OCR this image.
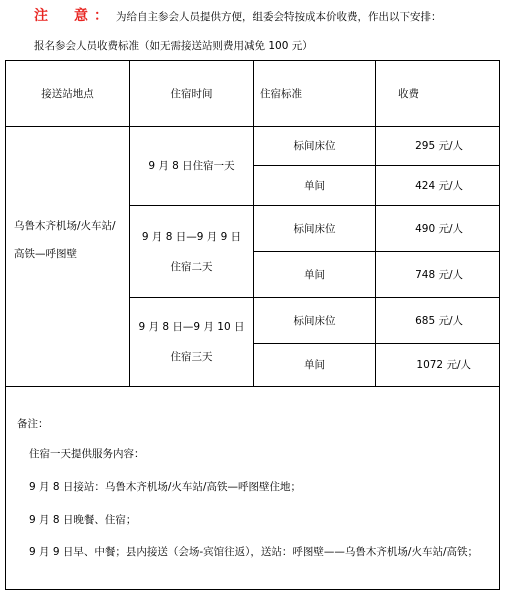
注　意： 为给自主参会人员提供方便，组委会特按成本价收费，作出以下安排：
报名参会人员收费标准（如无需接送站则费用减免 100 元）
接送站地点	住宿时间	住宿标准	收费
乌鲁木齐机场/火车站/
高铁—呼图壁
9 月 8 日住宿一天
标间床位	295 元/人
单间	424 元/人
9 月 8 日—9 月 9 日
住宿二天
标间床位	490 元/人
单间	748 元/人
9 月 8 日—9 月 10 日
住宿三天
标间床位	685 元/人
单间	1072 元/人
备注：
住宿一天提供服务内容：
9 月 8 日接站：乌鲁木齐机场/火车站/高铁—呼图壁住地；
9 月 8 日晚餐、住宿；
9 月 9 日早、中餐；县内接送（会场-宾馆往返），送站：呼图壁——乌鲁木齐机场/火车站/高铁；
